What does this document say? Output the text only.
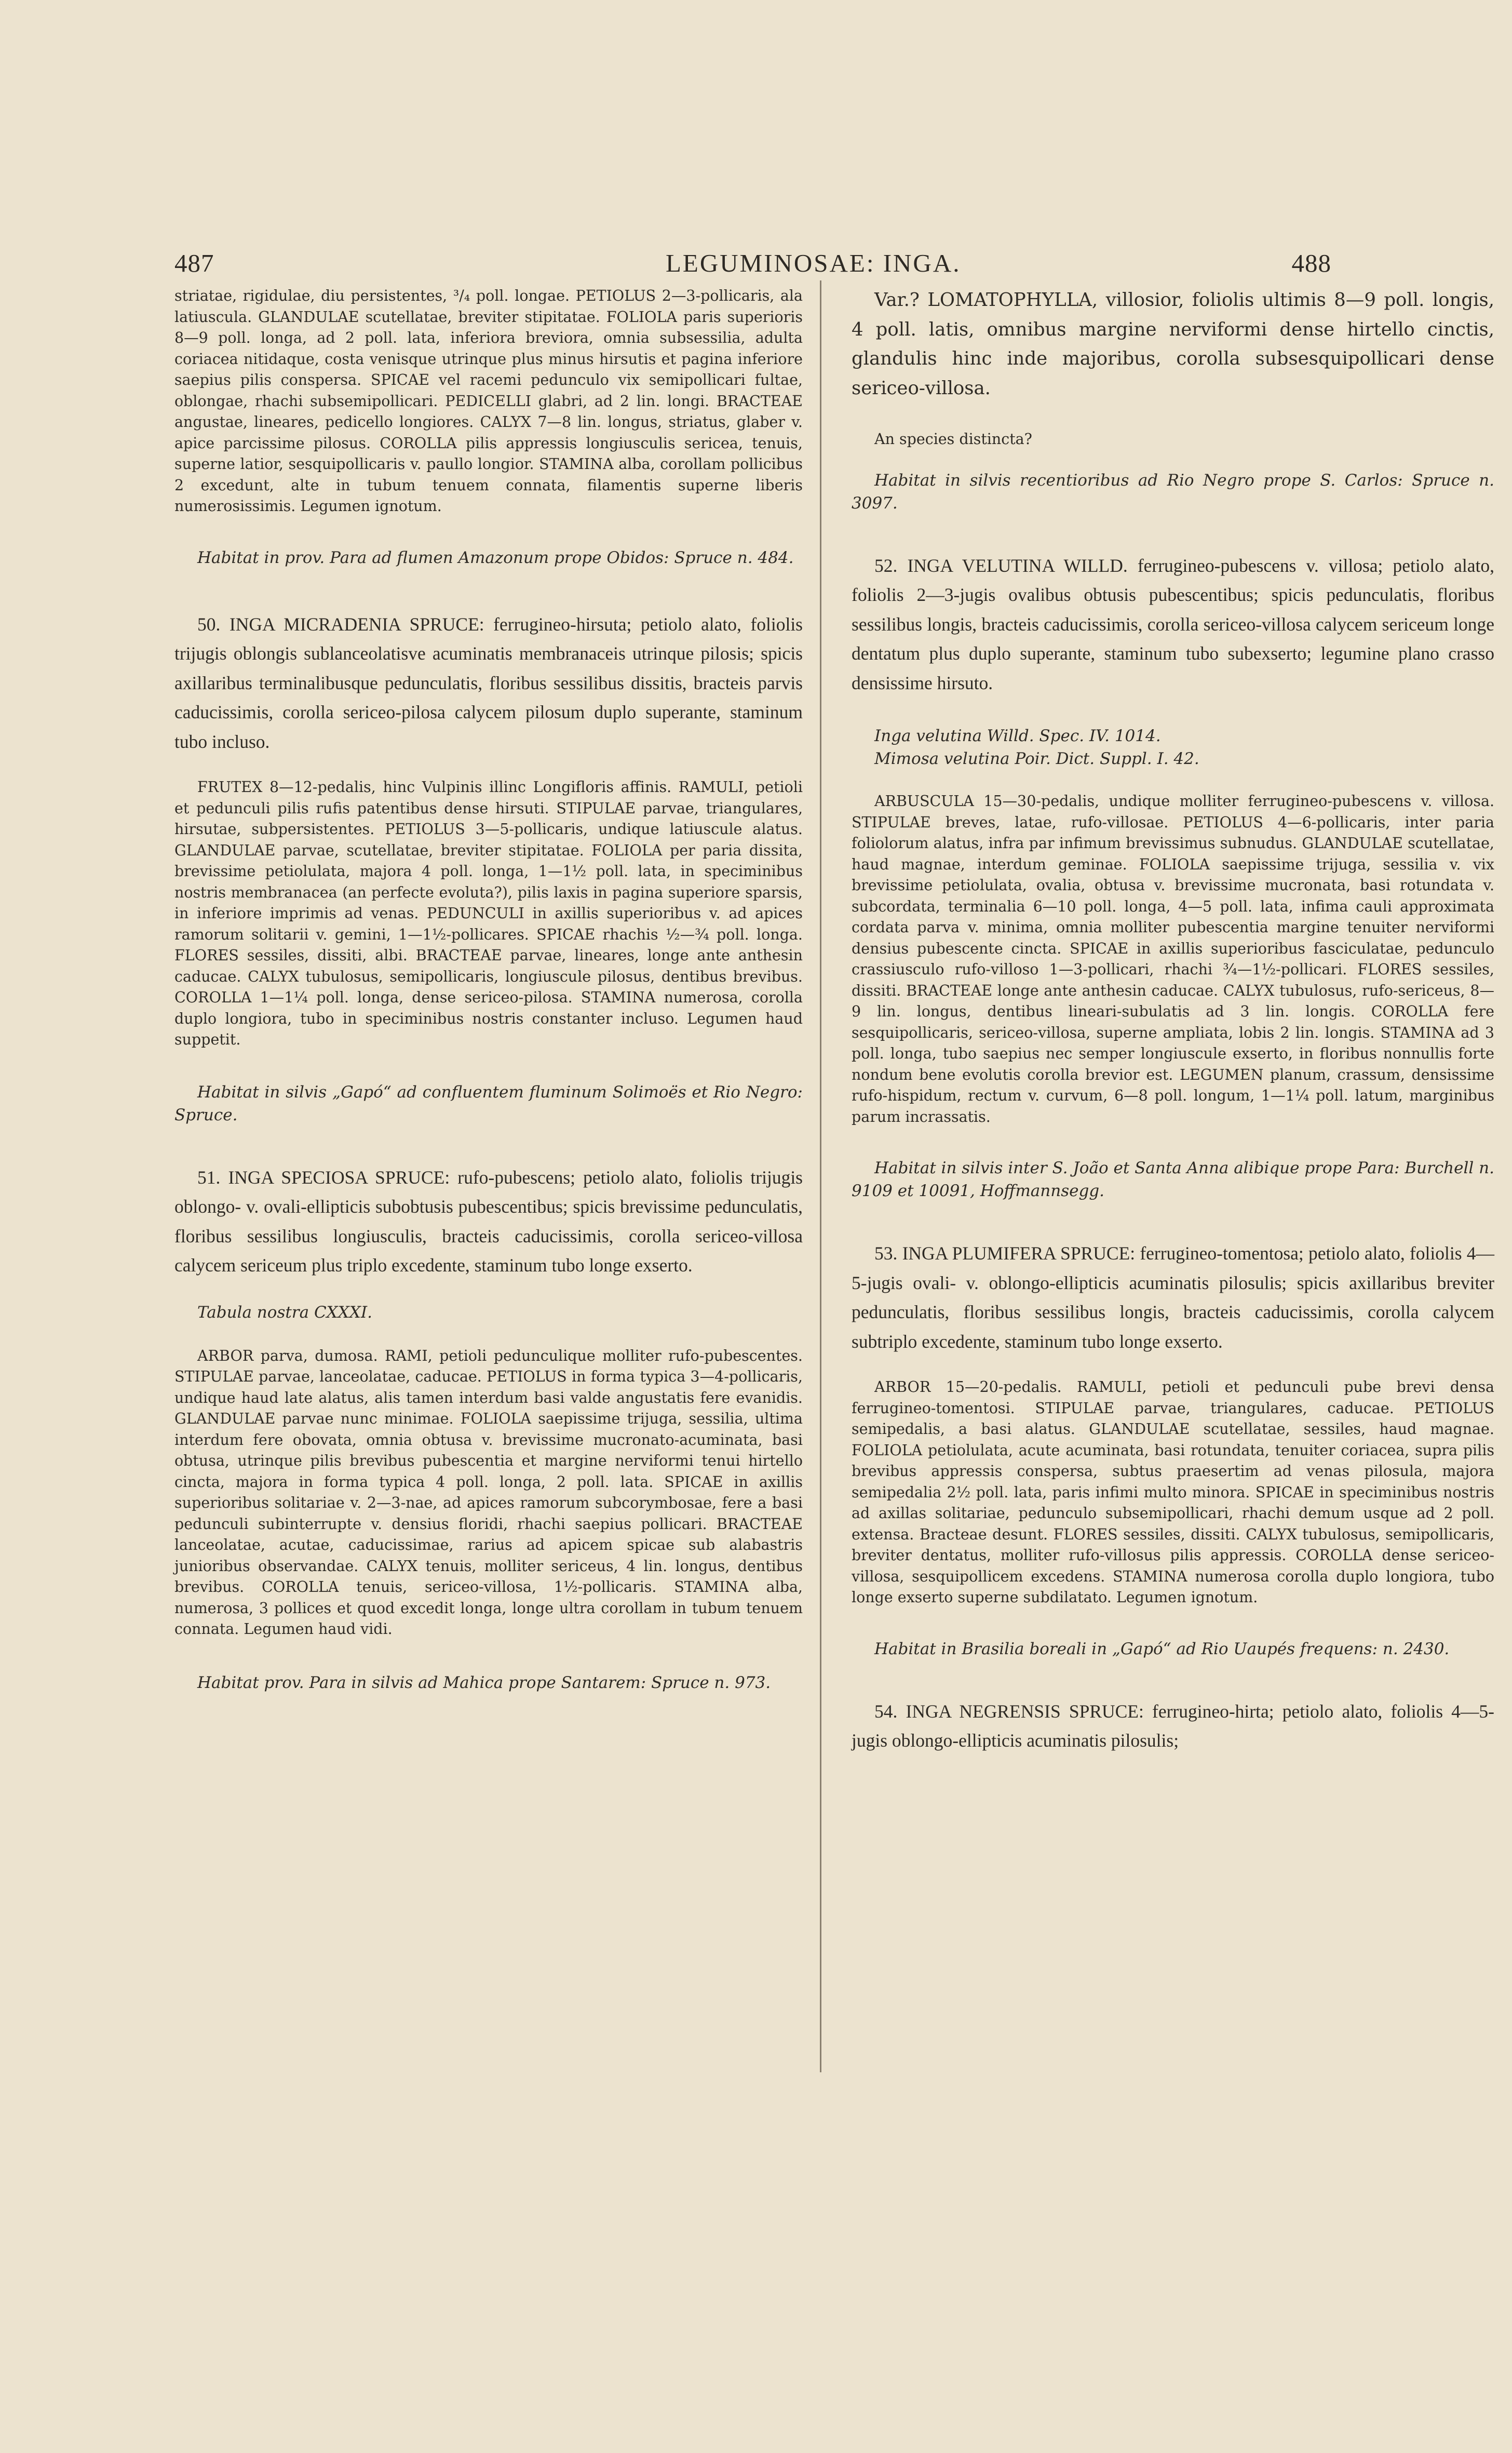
487	LEGUMINOSAE: INGA.	488

striatae, rigidulae, diu persistentes, ³/₄ poll. longae. PETIOLUS 2—3-pollicaris, ala latiuscula. GLANDULAE scutellatae, breviter stipitatae. FOLIOLA paris superioris 8—9 poll. longa, ad 2 poll. lata, inferiora breviora, omnia subsessilia, adulta coriacea nitidaque, costa venisque utrinque plus minus hirsutis et pagina inferiore saepius pilis conspersa. SPICAE vel racemi pedunculo vix semipollicari fultae, oblongae, rhachi subsemipollicari. PEDICELLI glabri, ad 2 lin. longi. BRACTEAE angustae, lineares, pedicello longiores. CALYX 7—8 lin. longus, striatus, glaber v. apice parcissime pilosus. COROLLA pilis appressis longiusculis sericea, tenuis, superne latior, sesquipollicaris v. paullo longior. STAMINA alba, corollam pollicibus 2 excedunt, alte in tubum tenuem connata, filamentis superne liberis numerosissimis. Legumen ignotum.

Habitat in prov. Para ad flumen Amazonum prope Obidos: Spruce n. 484.

50. INGA MICRADENIA SPRUCE: ferrugineo-hirsuta; petiolo alato, foliolis trijugis oblongis sublanceolatisve acuminatis membranaceis utrinque pilosis; spicis axillaribus terminalibusque pedunculatis, floribus sessilibus dissitis, bracteis parvis caducissimis, corolla sericeo-pilosa calycem pilosum duplo superante, staminum tubo incluso.

FRUTEX 8—12-pedalis, hinc Vulpinis illinc Longifloris affinis. RAMULI, petioli et pedunculi pilis rufis patentibus dense hirsuti. STIPULAE parvae, triangulares, hirsutae, subpersistentes. PETIOLUS 3—5-pollicaris, undique latiuscule alatus. GLANDULAE parvae, scutellatae, breviter stipitatae. FOLIOLA per paria dissita, brevissime petiolulata, majora 4 poll. longa, 1—1½ poll. lata, in speciminibus nostris membranacea (an perfecte evoluta?), pilis laxis in pagina superiore sparsis, in inferiore imprimis ad venas. PEDUNCULI in axillis superioribus v. ad apices ramorum solitarii v. gemini, 1—1½-pollicares. SPICAE rhachis ½—¾ poll. longa. FLORES sessiles, dissiti, albi. BRACTEAE parvae, lineares, longe ante anthesin caducae. CALYX tubulosus, semipollicaris, longiuscule pilosus, dentibus brevibus. COROLLA 1—1¼ poll. longa, dense sericeo-pilosa. STAMINA numerosa, corolla duplo longiora, tubo in speciminibus nostris constanter incluso. Legumen haud suppetit.

Habitat in silvis „Gapó“ ad confluentem fluminum Solimoës et Rio Negro: Spruce.

51. INGA SPECIOSA SPRUCE: rufo-pubescens; petiolo alato, foliolis trijugis oblongo- v. ovali-ellipticis subobtusis pubescentibus; spicis brevissime pedunculatis, floribus sessilibus longiusculis, bracteis caducissimis, corolla sericeo-villosa calycem sericeum plus triplo excedente, staminum tubo longe exserto.

Tabula nostra CXXXI.

ARBOR parva, dumosa. RAMI, petioli pedunculique molliter rufo-pubescentes. STIPULAE parvae, lanceolatae, caducae. PETIOLUS in forma typica 3—4-pollicaris, undique haud late alatus, alis tamen interdum basi valde angustatis fere evanidis. GLANDULAE parvae nunc minimae. FOLIOLA saepissime trijuga, sessilia, ultima interdum fere obovata, omnia obtusa v. brevissime mucronato-acuminata, basi obtusa, utrinque pilis brevibus pubescentia et margine nerviformi tenui hirtello cincta, majora in forma typica 4 poll. longa, 2 poll. lata. SPICAE in axillis superioribus solitariae v. 2—3-nae, ad apices ramorum subcorymbosae, fere a basi pedunculi subinterrupte v. densius floridi, rhachi saepius pollicari. BRACTEAE lanceolatae, acutae, caducissimae, rarius ad apicem spicae sub alabastris junioribus observandae. CALYX tenuis, molliter sericeus, 4 lin. longus, dentibus brevibus. COROLLA tenuis, sericeo-villosa, 1½-pollicaris. STAMINA alba, numerosa, 3 pollices et quod excedit longa, longe ultra corollam in tubum tenuem connata. Legumen haud vidi.

Habitat prov. Para in silvis ad Mahica prope Santarem: Spruce n. 973.

Var.? LOMATOPHYLLA, villosior, foliolis ultimis 8—9 poll. longis, 4 poll. latis, omnibus margine nerviformi dense hirtello cinctis, glandulis hinc inde majoribus, corolla subsesquipollicari dense sericeo-villosa.

An species distincta?

Habitat in silvis recentioribus ad Rio Negro prope S. Carlos: Spruce n. 3097.

52. INGA VELUTINA WILLD. ferrugineo-pubescens v. villosa; petiolo alato, foliolis 2—3-jugis ovalibus obtusis pubescentibus; spicis pedunculatis, floribus sessilibus longis, bracteis caducissimis, corolla sericeo-villosa calycem sericeum longe dentatum plus duplo superante, staminum tubo subexserto; legumine plano crasso densissime hirsuto.

Inga velutina Willd. Spec. IV. 1014.

Mimosa velutina Poir. Dict. Suppl. I. 42.

ARBUSCULA 15—30-pedalis, undique molliter ferrugineo-pubescens v. villosa. STIPULAE breves, latae, rufo-villosae. PETIOLUS 4—6-pollicaris, inter paria foliolorum alatus, infra par infimum brevissimus subnudus. GLANDULAE scutellatae, haud magnae, interdum geminae. FOLIOLA saepissime trijuga, sessilia v. vix brevissime petiolulata, ovalia, obtusa v. brevissime mucronata, basi rotundata v. subcordata, terminalia 6—10 poll. longa, 4—5 poll. lata, infima cauli approximata cordata parva v. minima, omnia molliter pubescentia margine tenuiter nerviformi densius pubescente cincta. SPICAE in axillis superioribus fasciculatae, pedunculo crassiusculo rufo-villoso 1—3-pollicari, rhachi ¾—1½-pollicari. FLORES sessiles, dissiti. BRACTEAE longe ante anthesin caducae. CALYX tubulosus, rufo-sericeus, 8—9 lin. longus, dentibus lineari-subulatis ad 3 lin. longis. COROLLA fere sesquipollicaris, sericeo-villosa, superne ampliata, lobis 2 lin. longis. STAMINA ad 3 poll. longa, tubo saepius nec semper longiuscule exserto, in floribus nonnullis forte nondum bene evolutis corolla brevior est. LEGUMEN planum, crassum, densissime rufo-hispidum, rectum v. curvum, 6—8 poll. longum, 1—1¼ poll. latum, marginibus parum incrassatis.

Habitat in silvis inter S. João et Santa Anna alibique prope Para: Burchell n. 9109 et 10091, Hoffmannsegg.

53. INGA PLUMIFERA SPRUCE: ferrugineo-tomentosa; petiolo alato, foliolis 4—5-jugis ovali- v. oblongo-ellipticis acuminatis pilosulis; spicis axillaribus breviter pedunculatis, floribus sessilibus longis, bracteis caducissimis, corolla calycem subtriplo excedente, staminum tubo longe exserto.

ARBOR 15—20-pedalis. RAMULI, petioli et pedunculi pube brevi densa ferrugineo-tomentosi. STIPULAE parvae, triangulares, caducae. PETIOLUS semipedalis, a basi alatus. GLANDULAE scutellatae, sessiles, haud magnae. FOLIOLA petiolulata, acute acuminata, basi rotundata, tenuiter coriacea, supra pilis brevibus appressis conspersa, subtus praesertim ad venas pilosula, majora semipedalia 2½ poll. lata, paris infimi multo minora. SPICAE in speciminibus nostris ad axillas solitariae, pedunculo subsemipollicari, rhachi demum usque ad 2 poll. extensa. Bracteae desunt. FLORES sessiles, dissiti. CALYX tubulosus, semipollicaris, breviter dentatus, molliter rufo-villosus pilis appressis. COROLLA dense sericeo-villosa, sesquipollicem excedens. STAMINA numerosa corolla duplo longiora, tubo longe exserto superne subdilatato. Legumen ignotum.

Habitat in Brasilia boreali in „Gapó“ ad Rio Uaupés frequens: n. 2430.

54. INGA NEGRENSIS SPRUCE: ferrugineo-hirta; petiolo alato, foliolis 4—5-jugis oblongo-ellipticis acuminatis pilosulis;
